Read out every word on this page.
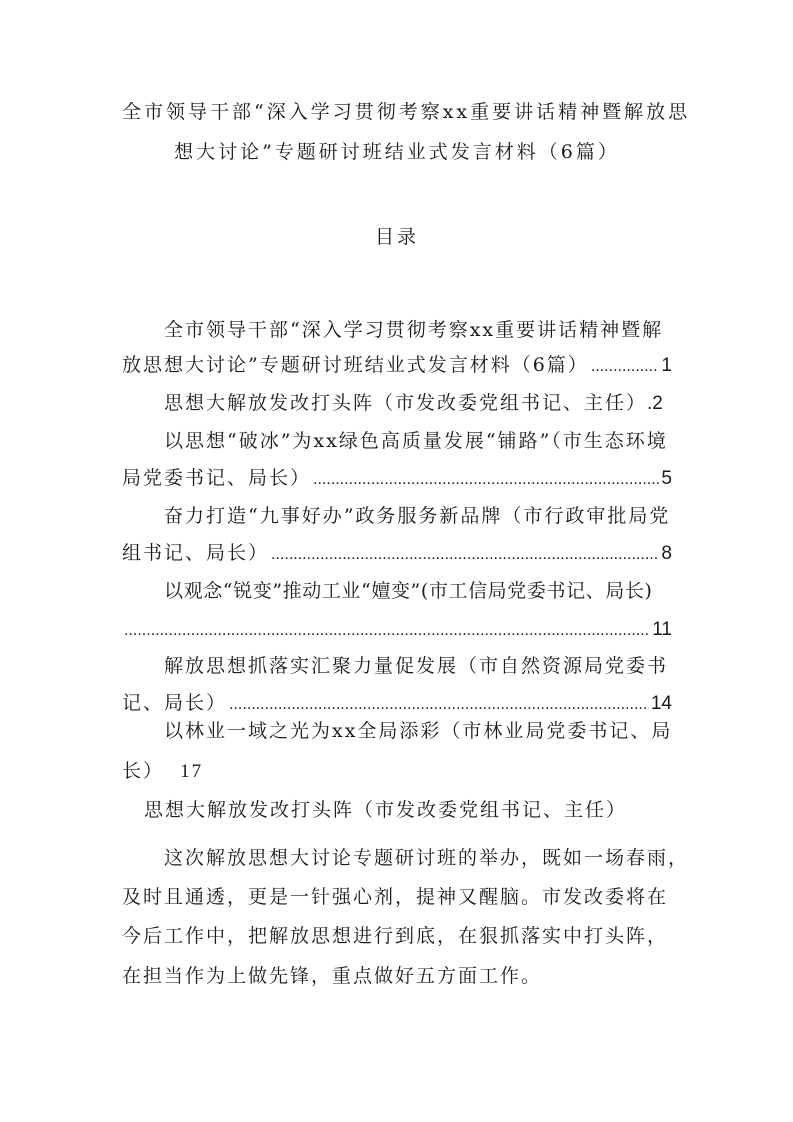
全市领导干部“深入学习贯彻考察xx重要讲话精神暨解放思
想大讨论”专题研讨班结业式发言材料（6篇）
目录
全市领导干部“深入学习贯彻考察xx重要讲话精神暨解
放思想大讨论”专题研讨班结业式发言材料（6篇） .....	1
思想大解放发改打头阵（市发改委党组书记、主任） .2
以思想“破冰”为xx绿色高质量发展“铺路”（市生态环境
局党委书记、局长） .....	5
奋力打造“九事好办”政务服务新品牌（市行政审批局党
组书记、局长） .....	8
以观念“锐变”推动工业“嬗变”(市工信局党委书记、局长)
.....
11
解放思想抓落实汇聚力量促发展（市自然资源局党委书
记、局长） .....	14
以林业一域之光为xx全局添彩（市林业局党委书记、局
长） 17
思想大解放发改打头阵（市发改委党组书记、主任）
这次解放思想大讨论专题研讨班的举办，既如一场春雨，
及时且通透，更是一针强心剂，提神又醒脑。市发改委将在
今后工作中，把解放思想进行到底，在狠抓落实中打头阵，
在担当作为上做先锋，重点做好五方面工作。
